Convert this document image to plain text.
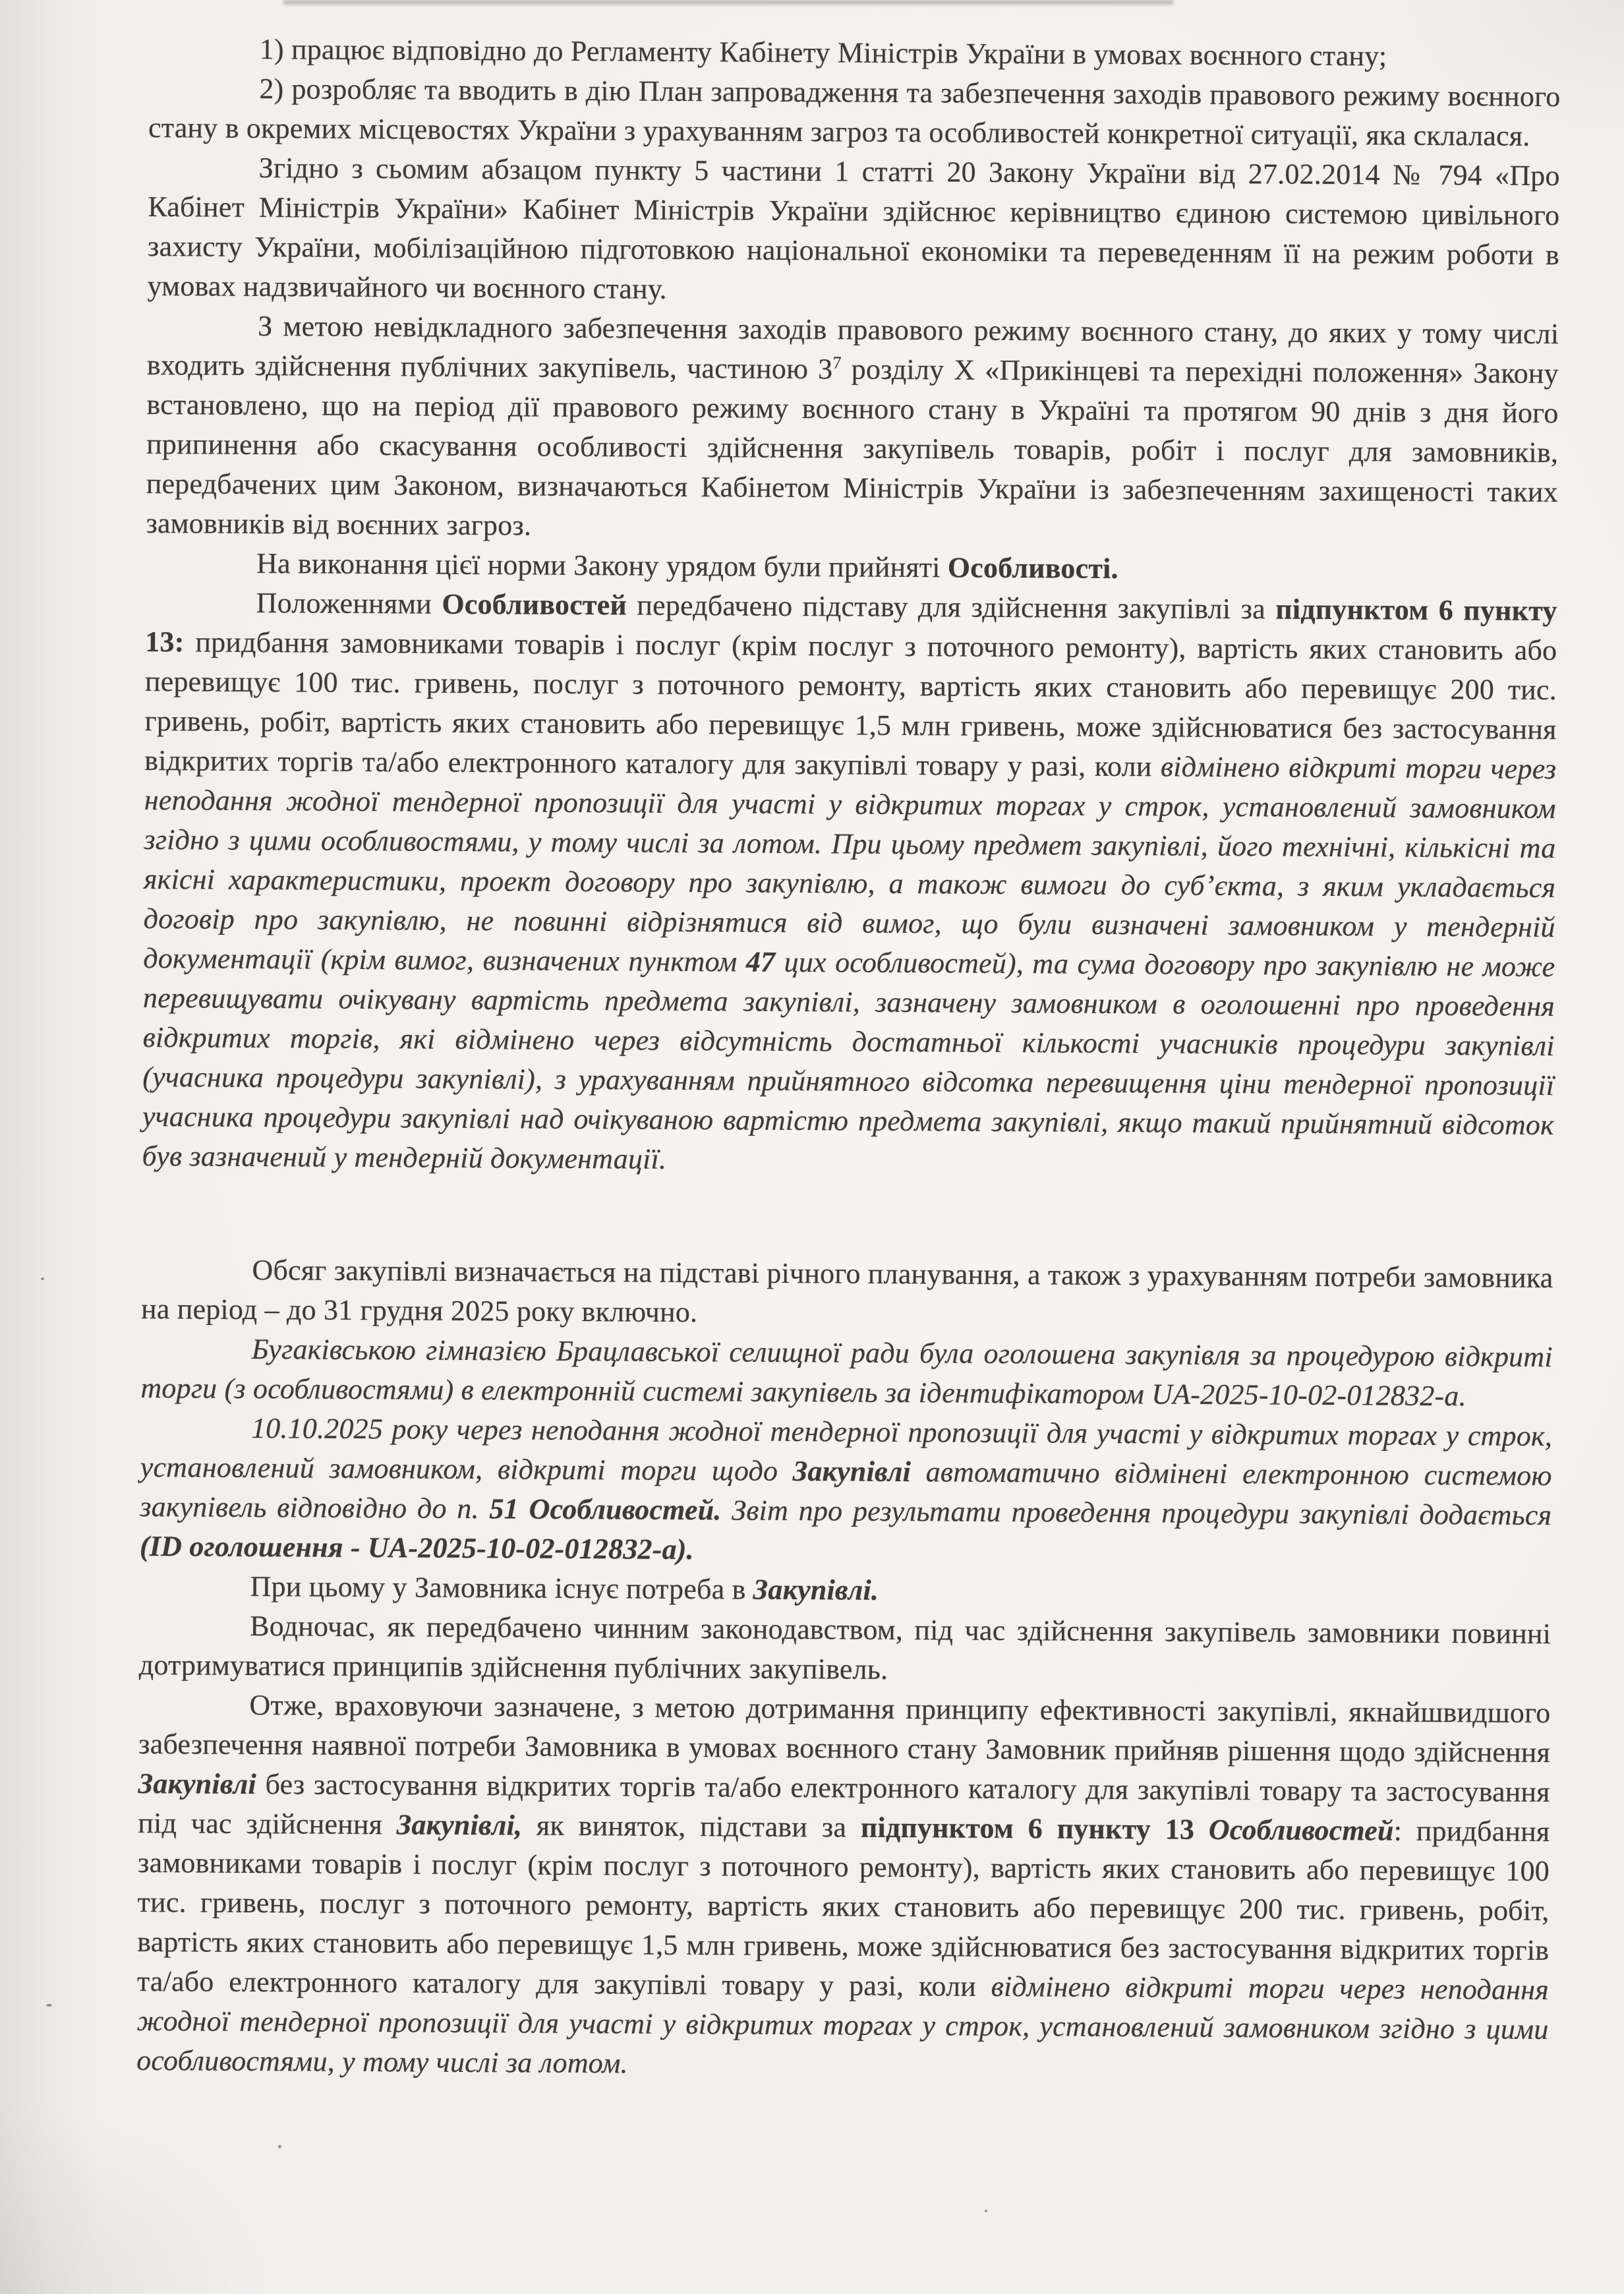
1) працює відповідно до Регламенту Кабінету Міністрів України в умовах воєнного стану;

2) розробляє та вводить в дію План запровадження та забезпечення заходів правового режиму воєнного стану в окремих місцевостях України з урахуванням загроз та особливостей конкретної ситуації, яка склалася.

Згідно з сьомим абзацом пункту 5 частини 1 статті 20 Закону України від 27.02.2014 № 794 «Про Кабінет Міністрів України» Кабінет Міністрів України здійснює керівництво єдиною системою цивільного захисту України, мобілізаційною підготовкою національної економіки та переведенням її на режим роботи в умовах надзвичайного чи воєнного стану.

З метою невідкладного забезпечення заходів правового режиму воєнного стану, до яких у тому числі входить здійснення публічних закупівель, частиною $3^7$ розділу X «Прикінцеві та перехідні положення» Закону встановлено, що на період дії правового режиму воєнного стану в Україні та протягом 90 днів з дня його припинення або скасування особливості здійснення закупівель товарів, робіт і послуг для замовників, передбачених цим Законом, визначаються Кабінетом Міністрів України із забезпеченням захищеності таких замовників від воєнних загроз.

На виконання цієї норми Закону урядом були прийняті Особливості.

Положеннями Особливостей передбачено підставу для здійснення закупівлі за підпунктом 6 пункту 13: придбання замовниками товарів і послуг (крім послуг з поточного ремонту), вартість яких становить або перевищує 100 тис. гривень, послуг з поточного ремонту, вартість яких становить або перевищує 200 тис. гривень, робіт, вартість яких становить або перевищує 1,5 млн гривень, може здійснюватися без застосування відкритих торгів та/або електронного каталогу для закупівлі товару у разі, коли відмінено відкриті торги через неподання жодної тендерної пропозиції для участі у відкритих торгах у строк, установлений замовником згідно з цими особливостями, у тому числі за лотом. При цьому предмет закупівлі, його технічні, кількісні та якісні характеристики, проект договору про закупівлю, а також вимоги до суб’єкта, з яким укладається договір про закупівлю, не повинні відрізнятися від вимог, що були визначені замовником у тендерній документації (крім вимог, визначених пунктом 47 цих особливостей), та сума договору про закупівлю не може перевищувати очікувану вартість предмета закупівлі, зазначену замовником в оголошенні про проведення відкритих торгів, які відмінено через відсутність достатньої кількості учасників процедури закупівлі (учасника процедури закупівлі), з урахуванням прийнятного відсотка перевищення ціни тендерної пропозиції учасника процедури закупівлі над очікуваною вартістю предмета закупівлі, якщо такий прийнятний відсоток був зазначений у тендерній документації.

Обсяг закупівлі визначається на підставі річного планування, а також з урахуванням потреби замовника на період – до 31 грудня 2025 року включно.

Бугаківською гімназією Брацлавської селищної ради була оголошена закупівля за процедурою відкриті торги (з особливостями) в електронній системі закупівель за ідентифікатором UA-2025-10-02-012832-а.

10.10.2025 року через неподання жодної тендерної пропозиції для участі у відкритих торгах у строк, установлений замовником, відкриті торги щодо Закупівлі автоматично відмінені електронною системою закупівель відповідно до п. 51 Особливостей. Звіт про результати проведення процедури закупівлі додається (ID оголошення - UA-2025-10-02-012832-а).

При цьому у Замовника існує потреба в Закупівлі.

Водночас, як передбачено чинним законодавством, під час здійснення закупівель замовники повинні дотримуватися принципів здійснення публічних закупівель.

Отже, враховуючи зазначене, з метою дотримання принципу ефективності закупівлі, якнайшвидшого забезпечення наявної потреби Замовника в умовах воєнного стану Замовник прийняв рішення щодо здійснення Закупівлі без застосування відкритих торгів та/або електронного каталогу для закупівлі товару та застосування під час здійснення Закупівлі, як виняток, підстави за підпунктом 6 пункту 13 Особливостей: придбання замовниками товарів і послуг (крім послуг з поточного ремонту), вартість яких становить або перевищує 100 тис. гривень, послуг з поточного ремонту, вартість яких становить або перевищує 200 тис. гривень, робіт, вартість яких становить або перевищує 1,5 млн гривень, може здійснюватися без застосування відкритих торгів та/або електронного каталогу для закупівлі товару у разі, коли відмінено відкриті торги через неподання жодної тендерної пропозиції для участі у відкритих торгах у строк, установлений замовником згідно з цими особливостями, у тому числі за лотом.
